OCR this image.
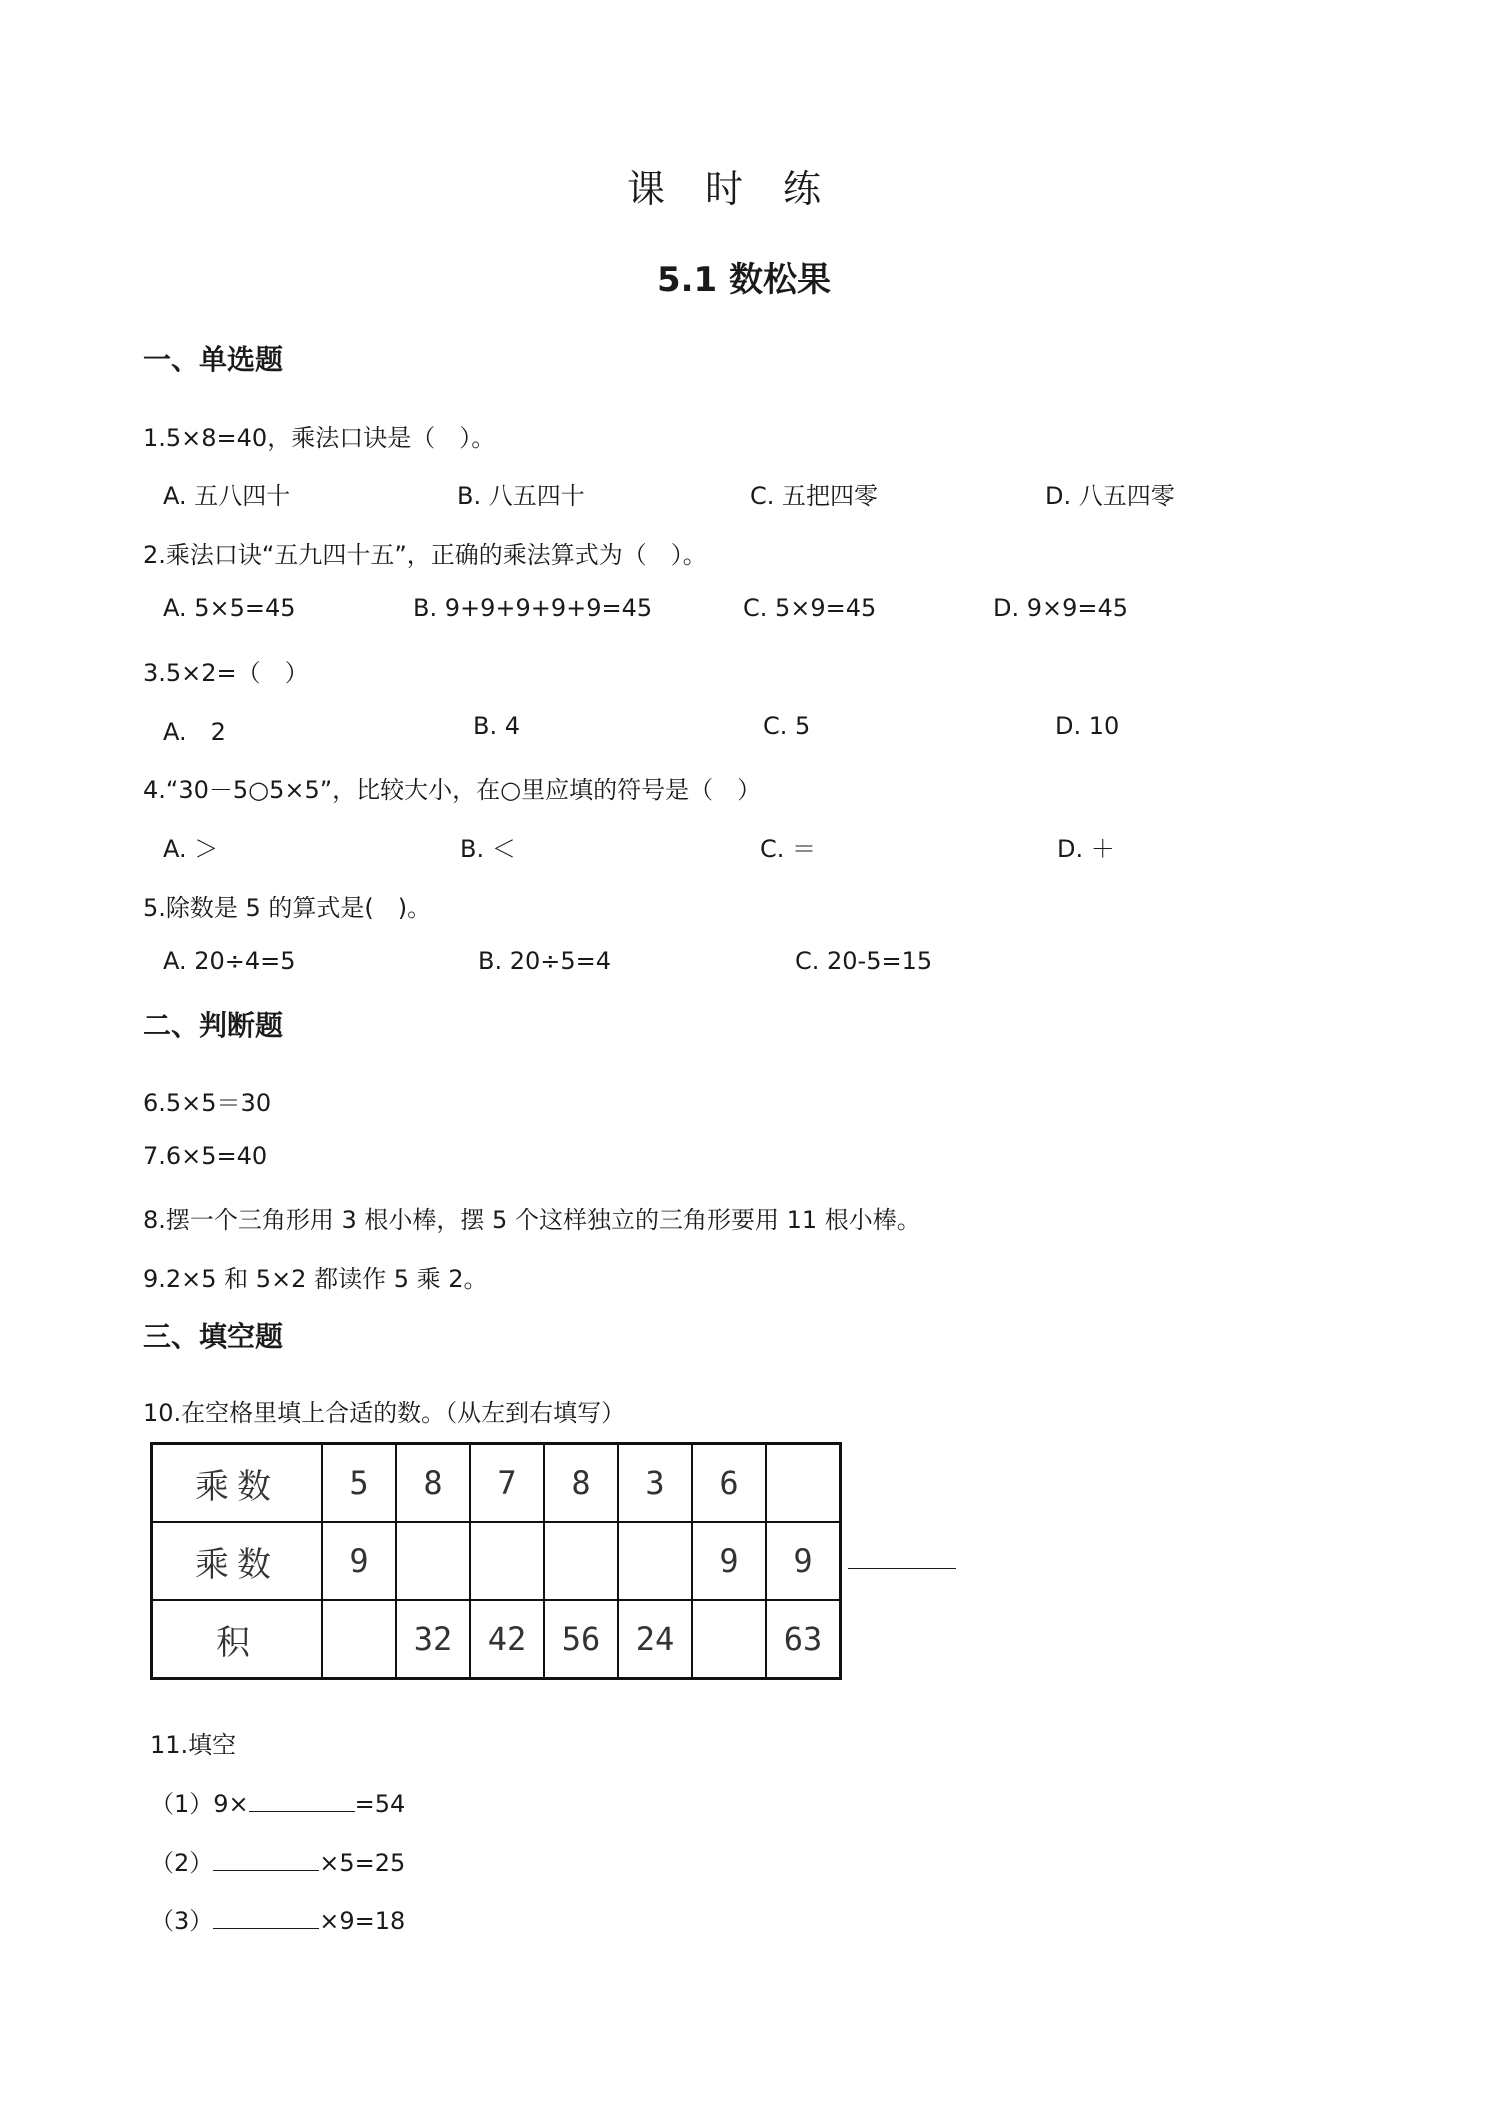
课时练
5.1 数松果
一、单选题
1.5×8=40，乘法口诀是（　）。
A. 五八四十	B. 八五四十	C. 五把四零	D. 八五四零
2.乘法口诀“五九四十五”，正确的乘法算式为（　）。
A. 5×5=45	B. 9+9+9+9+9=45	C. 5×9=45	D. 9×9=45
3.5×2=（　）
A.　2	B. 4	C. 5	D. 10
4.“30－5○5×5”，比较大小，在○里应填的符号是（　）
A. ＞	B. ＜	C. ＝	D. ＋
5.除数是 5 的算式是(　)。
A. 20÷4=5	B. 20÷5=4	C. 20-5=15
二、判断题
6.5×5＝30
7.6×5=40
8.摆一个三角形用 3 根小棒，摆 5 个这样独立的三角形要用 11 根小棒。
9.2×5 和 5×2 都读作 5 乘 2。
三、填空题
10.在空格里填上合适的数。（从左到右填写）
乘数	5	8	7	8	3	6	
乘数	9					9	9
积		32	42	56	24		63
11.填空
（1）9×	=54
（2）	×5=25
（3）	×9=18
